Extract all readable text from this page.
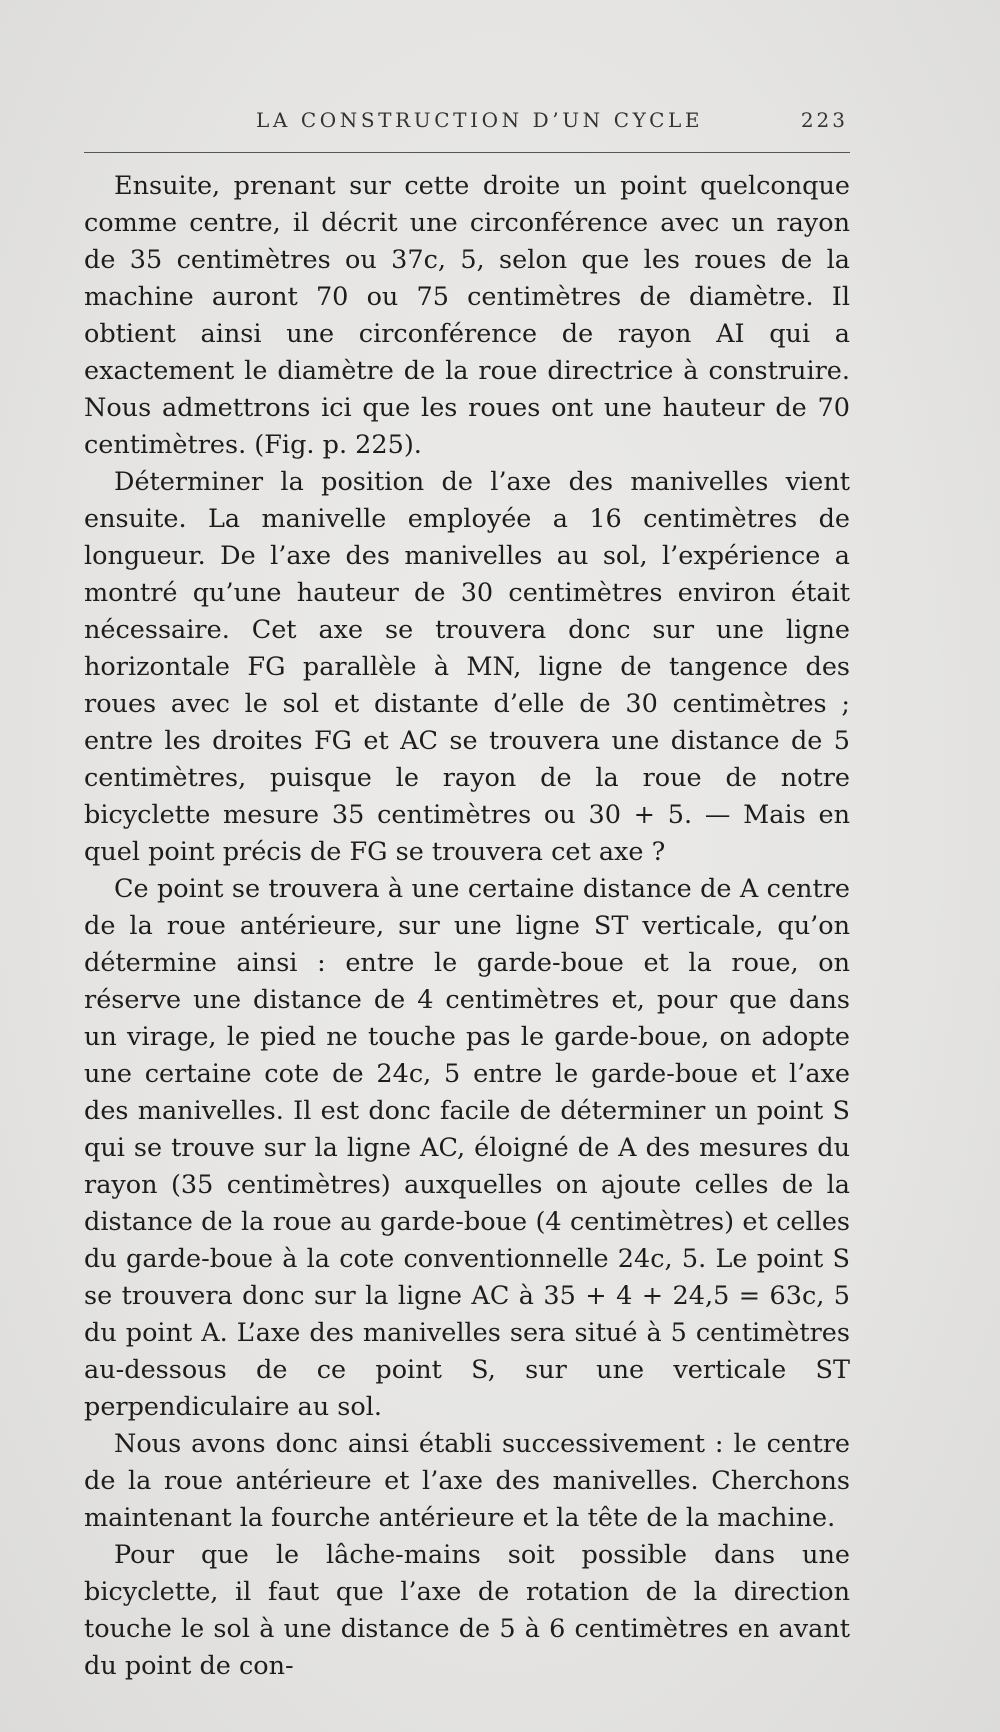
LA CONSTRUCTION D’UN CYCLE	223

Ensuite, prenant sur cette droite un point quelconque comme centre, il décrit une circonférence avec un rayon de 35 centimètres ou 37c, 5, selon que les roues de la machine auront 70 ou 75 centimètres de diamètre. Il obtient ainsi une circonférence de rayon AI qui a exactement le diamètre de la roue directrice à construire. Nous admettrons ici que les roues ont une hauteur de 70 centimètres. (Fig. p. 225).

Déterminer la position de l’axe des manivelles vient ensuite. La manivelle employée a 16 centimètres de longueur. De l’axe des manivelles au sol, l’expérience a montré qu’une hauteur de 30 centimètres environ était nécessaire. Cet axe se trouvera donc sur une ligne horizontale FG parallèle à MN, ligne de tangence des roues avec le sol et distante d’elle de 30 centimètres ; entre les droites FG et AC se trouvera une distance de 5 centimètres, puisque le rayon de la roue de notre bicyclette mesure 35 centimètres ou 30 + 5. — Mais en quel point précis de FG se trouvera cet axe ?

Ce point se trouvera à une certaine distance de A centre de la roue antérieure, sur une ligne ST verticale, qu’on détermine ainsi : entre le garde-boue et la roue, on réserve une distance de 4 centimètres et, pour que dans un virage, le pied ne touche pas le garde-boue, on adopte une certaine cote de 24c, 5 entre le garde-boue et l’axe des manivelles. Il est donc facile de déterminer un point S qui se trouve sur la ligne AC, éloigné de A des mesures du rayon (35 centimètres) auxquelles on ajoute celles de la distance de la roue au garde-boue (4 centimètres) et celles du garde-boue à la cote conventionnelle 24c, 5. Le point S se trouvera donc sur la ligne AC à 35 + 4 + 24,5 = 63c, 5 du point A. L’axe des manivelles sera situé à 5 centimètres au-dessous de ce point S, sur une verticale ST perpendiculaire au sol.

Nous avons donc ainsi établi successivement : le centre de la roue antérieure et l’axe des manivelles. Cherchons maintenant la fourche antérieure et la tête de la machine.

Pour que le lâche-mains soit possible dans une bicyclette, il faut que l’axe de rotation de la direction touche le sol à une distance de 5 à 6 centimètres en avant du point de con-
